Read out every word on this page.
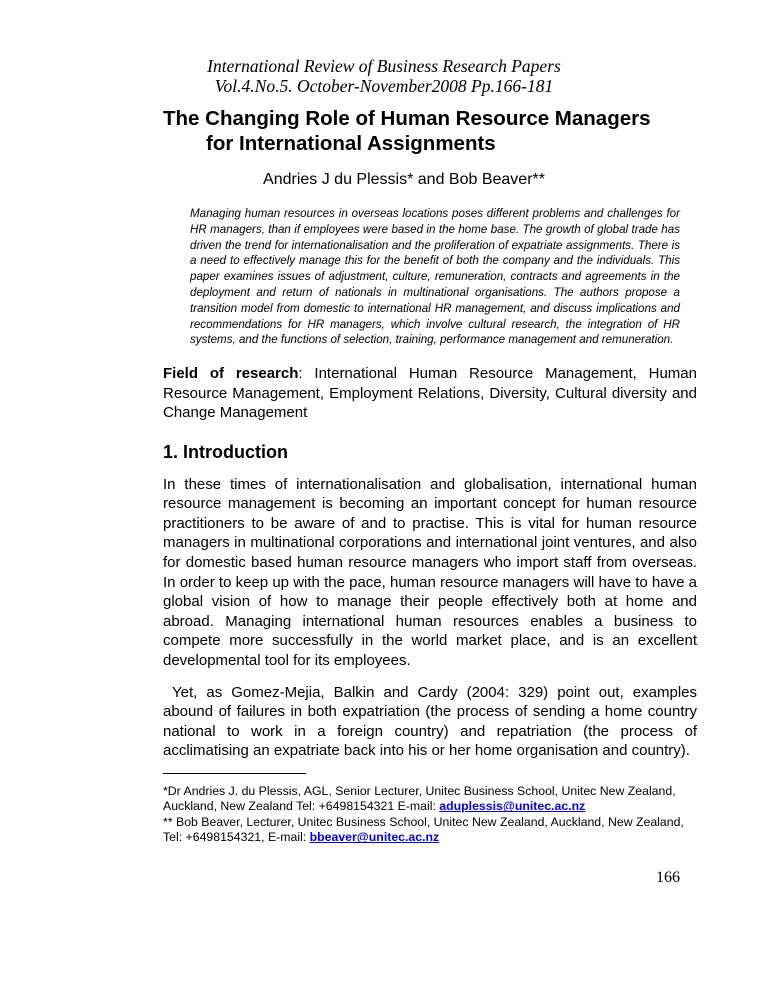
International Review of Business Research Papers
Vol.4.No.5. October-November2008 Pp.166-181
The Changing Role of Human Resource Managers
for International Assignments
Andries J du Plessis* and Bob Beaver**
Managing human resources in overseas locations poses different problems and challenges for HR managers, than if employees were based in the home base. The growth of global trade has driven the trend for internationalisation and the proliferation of expatriate assignments. There is a need to effectively manage this for the benefit of both the company and the individuals. This paper examines issues of adjustment, culture, remuneration, contracts and agreements in the deployment and return of nationals in multinational organisations. The authors propose a transition model from domestic to international HR management, and discuss implications and recommendations for HR managers, which involve cultural research, the integration of HR systems, and the functions of selection, training, performance management and remuneration.
Field of research: International Human Resource Management, Human Resource Management, Employment Relations, Diversity, Cultural diversity and Change Management
1. Introduction
In these times of internationalisation and globalisation, international human resource management is becoming an important concept for human resource practitioners to be aware of and to practise. This is vital for human resource managers in multinational corporations and international joint ventures, and also for domestic based human resource managers who import staff from overseas. In order to keep up with the pace, human resource managers will have to have a global vision of how to manage their people effectively both at home and abroad. Managing international human resources enables a business to compete more successfully in the world market place, and is an excellent developmental tool for its employees.
Yet, as Gomez-Mejia, Balkin and Cardy (2004: 329) point out, examples abound of failures in both expatriation (the process of sending a home country national to work in a foreign country) and repatriation (the process of acclimatising an expatriate back into his or her home organisation and country).
*Dr Andries J. du Plessis, AGL, Senior Lecturer, Unitec Business School, Unitec New Zealand, Auckland, New Zealand Tel: +6498154321 E-mail: aduplessis@unitec.ac.nz
** Bob Beaver, Lecturer, Unitec Business School, Unitec New Zealand, Auckland, New Zealand, Tel: +6498154321, E-mail: bbeaver@unitec.ac.nz
166
